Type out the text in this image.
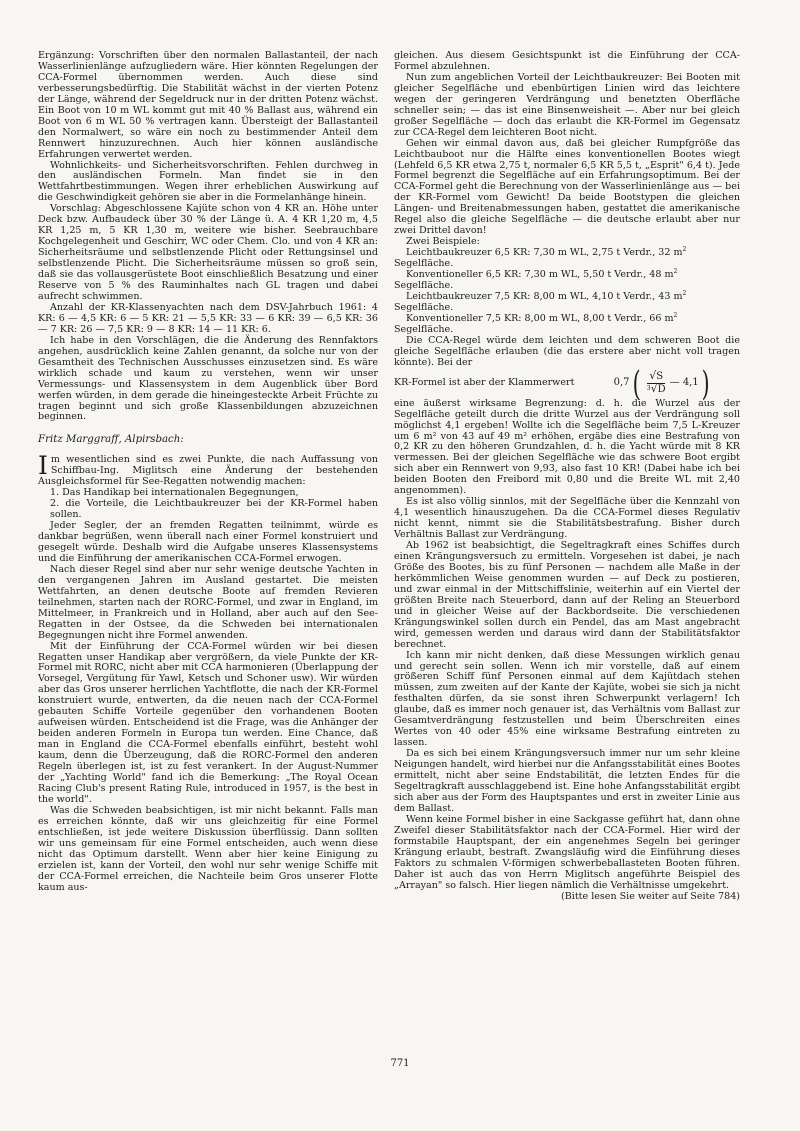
Ergänzung: Vorschriften über den normalen Ballastanteil, der nach Wasserlinienlänge aufzugliedern wäre. Hier könnten Regelungen der CCA-Formel übernommen werden. Auch diese sind verbesserungsbedürftig. Die Stabilität wächst in der vierten Potenz der Länge, während der Segeldruck nur in der dritten Potenz wächst. Ein Boot von 10 m WL kommt gut mit 40 % Ballast aus, während ein Boot von 6 m WL 50 % vertragen kann. Übersteigt der Ballastanteil den Normalwert, so wäre ein noch zu bestimmender Anteil dem Rennwert hinzuzurechnen. Auch hier können ausländische Erfahrungen verwertet werden.

Wohnlichkeits- und Sicherheitsvorschriften. Fehlen durchweg in den ausländischen Formeln. Man findet sie in den Wettfahrtbestimmungen. Wegen ihrer erheblichen Auswirkung auf die Geschwindigkeit gehören sie aber in die Formelanhänge hinein.

Vorschlag: Abgeschlossene Kajüte schon von 4 KR an. Höhe unter Deck bzw. Aufbaudeck über 30 % der Länge ü. A. 4 KR 1,20 m, 4,5 KR 1,25 m, 5 KR 1,30 m, weitere wie bisher. Seebrauchbare Kochgelegenheit und Geschirr, WC oder Chem. Clo. und von 4 KR an: Sicherheitsräume und selbstlenzende Plicht oder Rettungsinsel und selbstlenzende Plicht. Die Sicherheitsräume müssen so groß sein, daß sie das vollausgerüstete Boot einschließlich Besatzung und einer Reserve von 5 % des Rauminhaltes nach GL tragen und dabei aufrecht schwimmen.

Anzahl der KR-Klassenyachten nach dem DSV-Jahrbuch 1961: 4 KR: 6 — 4,5 KR: 6 — 5 KR: 21 — 5,5 KR: 33 — 6 KR: 39 — 6,5 KR: 36 — 7 KR: 26 — 7,5 KR: 9 — 8 KR: 14 — 11 KR: 6.

Ich habe in den Vorschlägen, die die Änderung des Rennfaktors angehen, ausdrücklich keine Zahlen genannt, da solche nur von der Gesamtheit des Technischen Ausschusses einzusetzen sind. Es wäre wirklich schade und kaum zu verstehen, wenn wir unser Vermessungs- und Klassensystem in dem Augenblick über Bord werfen würden, in dem gerade die hineingesteckte Arbeit Früchte zu tragen beginnt und sich große Klassenbildungen abzuzeichnen beginnen.

Fritz Marggraff, Alpirsbach:

Im wesentlichen sind es zwei Punkte, die nach Auffassung von Schiffbau-Ing. Miglitsch eine Änderung der bestehenden Ausgleichsformel für See-Regatten notwendig machen:

1. Das Handikap bei internationalen Begegnungen,

2. die Vorteile, die Leichtbaukreuzer bei der KR-Formel haben sollen.

Jeder Segler, der an fremden Regatten teilnimmt, würde es dankbar begrüßen, wenn überall nach einer Formel konstruiert und gesegelt würde. Deshalb wird die Aufgabe unseres Klassensystems und die Einführung der amerikanischen CCA-Formel erwogen.

Nach dieser Regel sind aber nur sehr wenige deutsche Yachten in den vergangenen Jahren im Ausland gestartet. Die meisten Wettfahrten, an denen deutsche Boote auf fremden Revieren teilnehmen, starten nach der RORC-Formel, und zwar in England, im Mittelmeer, in Frankreich und in Holland, aber auch auf den See-Regatten in der Ostsee, da die Schweden bei internationalen Begegnungen nicht ihre Formel anwenden.

Mit der Einführung der CCA-Formel würden wir bei diesen Regatten unser Handikap aber vergrößern, da viele Punkte der KR-Formel mit RORC, nicht aber mit CCA harmonieren (Überlappung der Vorsegel, Vergütung für Yawl, Ketsch und Schoner usw). Wir würden aber das Gros unserer herrlichen Yachtflotte, die nach der KR-Formel konstruiert wurde, entwerten, da die neuen nach der CCA-Formel gebauten Schiffe Vorteile gegenüber den vorhandenen Booten aufweisen würden. Entscheidend ist die Frage, was die Anhänger der beiden anderen Formeln in Europa tun werden. Eine Chance, daß man in England die CCA-Formel ebenfalls einführt, besteht wohl kaum, denn die Überzeugung, daß die RORC-Formel den anderen Regeln überlegen ist, ist zu fest verankert. In der August-Nummer der „Yachting World" fand ich die Bemerkung: „The Royal Ocean Racing Club's present Rating Rule, introduced in 1957, is the best in the world".

Was die Schweden beabsichtigen, ist mir nicht bekannt. Falls man es erreichen könnte, daß wir uns gleichzeitig für eine Formel entschließen, ist jede weitere Diskussion überflüssig. Dann sollten wir uns gemeinsam für eine Formel entscheiden, auch wenn diese nicht das Optimum darstellt. Wenn aber hier keine Einigung zu erzielen ist, kann der Vorteil, den wohl nur sehr wenige Schiffe mit der CCA-Formel erreichen, die Nachteile beim Gros unserer Flotte kaum aus-

gleichen. Aus diesem Gesichtspunkt ist die Einführung der CCA-Formel abzulehnen.

Nun zum angeblichen Vorteil der Leichtbaukreuzer: Bei Booten mit gleicher Segelfläche und ebenbürtigen Linien wird das leichtere wegen der geringeren Verdrängung und benetzten Oberfläche schneller sein; — das ist eine Binsenweisheit —. Aber nur bei gleich großer Segelfläche — doch das erlaubt die KR-Formel im Gegensatz zur CCA-Regel dem leichteren Boot nicht.

Gehen wir einmal davon aus, daß bei gleicher Rumpfgröße das Leichtbauboot nur die Hälfte eines konventionellen Bootes wiegt (Lehfeld 6,5 KR etwa 2,75 t, normaler 6,5 KR 5,5 t, „Esprit" 6,4 t). Jede Formel begrenzt die Segelfläche auf ein Erfahrungsoptimum. Bei der CCA-Formel geht die Berechnung von der Wasserlinienlänge aus — bei der KR-Formel vom Gewicht! Da beide Bootstypen die gleichen Längen- und Breitenabmessungen haben, gestattet die amerikanische Regel also die gleiche Segelfläche — die deutsche erlaubt aber nur zwei Drittel davon!

Zwei Beispiele:

Leichtbaukreuzer 6,5 KR: 7,30 m WL, 2,75 t Verdr., 32 $m^2$

Segelfläche.

Konventioneller 6,5 KR: 7,30 m WL, 5,50 t Verdr., 48 $m^2$

Segelfläche.

Leichtbaukreuzer 7,5 KR: 8,00 m WL, 4,10 t Verdr., 43 $m^2$

Segelfläche.

Konventioneller 7,5 KR: 8,00 m WL, 8,00 t Verdr., 66 $m^2$

Segelfläche.

Die CCA-Regel würde dem leichten und dem schweren Boot die gleiche Segelfläche erlauben (die das erstere aber nicht voll tragen könnte). Bei der

KR-Formel ist aber der Klammerwert	0,7 ( $\frac{√S}{^3√D}$ — 4,1 )

eine äußerst wirksame Begrenzung: d. h. die Wurzel aus der Segelfläche geteilt durch die dritte Wurzel aus der Verdrängung soll möglichst 4,1 ergeben! Wollte ich die Segelfläche beim 7,5 L-Kreuzer um 6 m² von 43 auf 49 m² erhöhen, ergäbe dies eine Bestrafung von 0,2 KR zu den höheren Grundzahlen, d. h. die Yacht würde mit 8 KR vermessen. Bei der gleichen Segelfläche wie das schwere Boot ergibt sich aber ein Rennwert von 9,93, also fast 10 KR! (Dabei habe ich bei beiden Booten den Freibord mit 0,80 und die Breite WL mit 2,40 angenommen).

Es ist also völlig sinnlos, mit der Segelfläche über die Kennzahl von 4,1 wesentlich hinauszugehen. Da die CCA-Formel dieses Regulativ nicht kennt, nimmt sie die Stabilitätsbestrafung. Bisher durch Verhältnis Ballast zur Verdrängung.

Ab 1962 ist beabsichtigt, die Segeltragkraft eines Schiffes durch einen Krängungsversuch zu ermitteln. Vorgesehen ist dabei, je nach Größe des Bootes, bis zu fünf Personen — nachdem alle Maße in der herkömmlichen Weise genommen wurden — auf Deck zu postieren, und zwar einmal in der Mittschiffslinie, weiterhin auf ein Viertel der größten Breite nach Steuerbord, dann auf der Reling an Steuerbord und in gleicher Weise auf der Backbordseite. Die verschiedenen Krängungswinkel sollen durch ein Pendel, das am Mast angebracht wird, gemessen werden und daraus wird dann der Stabilitätsfaktor berechnet.

Ich kann mir nicht denken, daß diese Messungen wirklich genau und gerecht sein sollen. Wenn ich mir vorstelle, daß auf einem größeren Schiff fünf Personen einmal auf dem Kajütdach stehen müssen, zum zweiten auf der Kante der Kajüte, wobei sie sich ja nicht festhalten dürfen, da sie sonst ihren Schwerpunkt verlagern! Ich glaube, daß es immer noch genauer ist, das Verhältnis vom Ballast zur Gesamtverdrängung festzustellen und beim Überschreiten eines Wertes von 40 oder 45% eine wirksame Bestrafung eintreten zu lassen.

Da es sich bei einem Krängungsversuch immer nur um sehr kleine Neigungen handelt, wird hierbei nur die Anfangsstabilität eines Bootes ermittelt, nicht aber seine Endstabilität, die letzten Endes für die Segeltragkraft ausschlaggebend ist. Eine hohe Anfangsstabilität ergibt sich aber aus der Form des Hauptspantes und erst in zweiter Linie aus dem Ballast.

Wenn keine Formel bisher in eine Sackgasse geführt hat, dann ohne Zweifel dieser Stabilitätsfaktor nach der CCA-Formel. Hier wird der formstabile Hauptspant, der ein angenehmes Segeln bei geringer Krängung erlaubt, bestraft. Zwangsläufig wird die Einführung dieses Faktors zu schmalen V-förmigen schwerbeballasteten Booten führen. Daher ist auch das von Herrn Miglitsch angeführte Beispiel des „Arrayan" so falsch. Hier liegen nämlich die Verhältnisse umgekehrt.

(Bitte lesen Sie weiter auf Seite 784)

771
